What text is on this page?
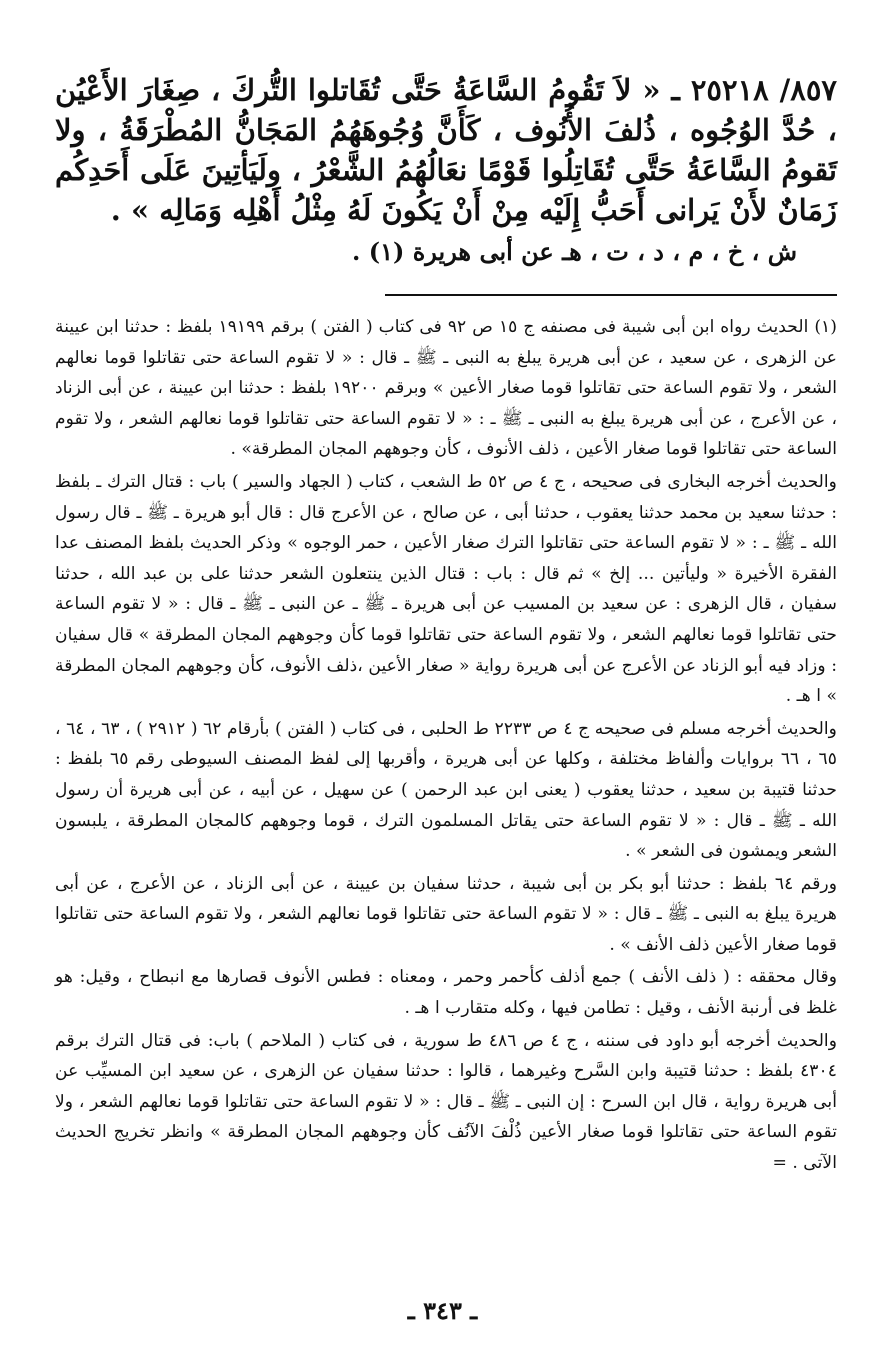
٨٥٧/ ٢٥٢١٨ ـ « لاَ تَقُومُ السَّاعَةُ حَتَّى تُقَاتلوا التُّركَ ، صِغَارَ الأَعْيُن ، حُدَّ الوُجُوه ، ذُلفَ الأُنُوف ، كَأَنَّ وُجُوهَهُمُ المَجَانُّ المُطْرَقَةُ ، ولا تَقومُ السَّاعَةُ حَتَّى تُقَاتِلُوا قَوْمًا نعَالُهُمُ الشَّعْرُ ، ولَيَأتِينَ عَلَى أَحَدِكُم زَمَانٌ لأَنْ يَرانى أَحَبُّ إِلَيْه مِنْ أَنْ يَكُونَ لَهُ مِثْلُ أَهْلِه وَمَالِه » .

ش ، خ ، م ، د ، ت ، هـ عن أبى هريرة (١) .

(١) الحديث رواه ابن أبى شيبة فى مصنفه ج ١٥ ص ٩٢ فى كتاب ( الفتن ) برقم ١٩١٩٩ بلفظ : حدثنا ابن عيينة عن الزهرى ، عن سعيد ، عن أبى هريرة يبلغ به النبى ـ ﷺ ـ قال : « لا تقوم الساعة حتى تقاتلوا قوما نعالهم الشعر ، ولا تقوم الساعة حتى تقاتلوا قوما صغار الأعين » وبرقم ١٩٢٠٠ بلفظ : حدثنا ابن عيينة ، عن أبى الزناد ، عن الأعرج ، عن أبى هريرة يبلغ به النبى ـ ﷺ ـ : « لا تقوم الساعة حتى تقاتلوا قوما نعالهم الشعر ، ولا تقوم الساعة حتى تقاتلوا قوما صغار الأعين ، ذلف الأنوف ، كأن وجوههم المجان المطرقة» .

والحديث أخرجه البخارى فى صحيحه ، ج ٤ ص ٥٢ ط الشعب ، كتاب ( الجهاد والسير ) باب : قتال الترك ـ بلفظ : حدثنا سعيد بن محمد حدثنا يعقوب ، حدثنا أبى ، عن صالح ، عن الأعرج قال : قال أبو هريرة ـ ﷺ ـ قال رسول الله ـ ﷺ ـ : « لا تقوم الساعة حتى تقاتلوا الترك صغار الأعين ، حمر الوجوه » وذكر الحديث بلفظ المصنف عدا الفقرة الأخيرة « وليأتين ... إلخ » ثم قال : باب : قتال الذين ينتعلون الشعر حدثنا على بن عبد الله ، حدثنا سفيان ، قال الزهرى : عن سعيد بن المسيب عن أبى هريرة ـ ﷺ ـ عن النبى ـ ﷺ ـ قال : « لا تقوم الساعة حتى تقاتلوا قوما نعالهم الشعر ، ولا تقوم الساعة حتى تقاتلوا قوما كأن وجوههم المجان المطرقة » قال سفيان : وزاد فيه أبو الزناد عن الأعرج عن أبى هريرة رواية « صغار الأعين ،ذلف الأنوف، كأن وجوههم المجان المطرقة » ا هـ .

والحديث أخرجه مسلم فى صحيحه ج ٤ ص ٢٢٣٣ ط الحلبى ، فى كتاب ( الفتن ) بأرقام ٦٢ ( ٢٩١٢ ) ، ٦٣ ، ٦٤ ، ٦٥ ، ٦٦ بروايات وألفاظ مختلفة ، وكلها عن أبى هريرة ، وأقربها إلى لفظ المصنف السيوطى رقم ٦٥ بلفظ : حدثنا قتيبة بن سعيد ، حدثنا يعقوب ( يعنى ابن عبد الرحمن ) عن سهيل ، عن أبيه ، عن أبى هريرة أن رسول الله ـ ﷺ ـ قال : « لا تقوم الساعة حتى يقاتل المسلمون الترك ، قوما وجوههم كالمجان المطرقة ، يلبسون الشعر ويمشون فى الشعر » .

ورقم ٦٤ بلفظ : حدثنا أبو بكر بن أبى شيبة ، حدثنا سفيان بن عيينة ، عن أبى الزناد ، عن الأعرج ، عن أبى هريرة يبلغ به النبى ـ ﷺ ـ قال : « لا تقوم الساعة حتى تقاتلوا قوما نعالهم الشعر ، ولا تقوم الساعة حتى تقاتلوا قوما صغار الأعين ذلف الأنف » .

وقال محققه : ( ذلف الأنف ) جمع أذلف كأحمر وحمر ، ومعناه : فطس الأنوف قصارها مع انبطاح ، وقيل: هو غلظ فى أرنبة الأنف ، وقيل : تطامن فيها ، وكله متقارب ا هـ .

والحديث أخرجه أبو داود فى سننه ، ج ٤ ص ٤٨٦ ط سورية ، فى كتاب ( الملاحم ) باب: فى قتال الترك برقم ٤٣٠٤ بلفظ : حدثنا قتيبة وابن السَّرح وغيرهما ، قالوا : حدثنا سفيان عن الزهرى ، عن سعيد ابن المسيِّب عن أبى هريرة رواية ، قال ابن السرح : إن النبى ـ ﷺ ـ قال : « لا تقوم الساعة حتى تقاتلوا قوما نعالهم الشعر ، ولا تقوم الساعة حتى تقاتلوا قوما صغار الأعين ذُلْفَ الآنُف كأن وجوههم المجان المطرقة » وانظر تخريج الحديث الآتى . =

ـ ٣٤٣ ـ
